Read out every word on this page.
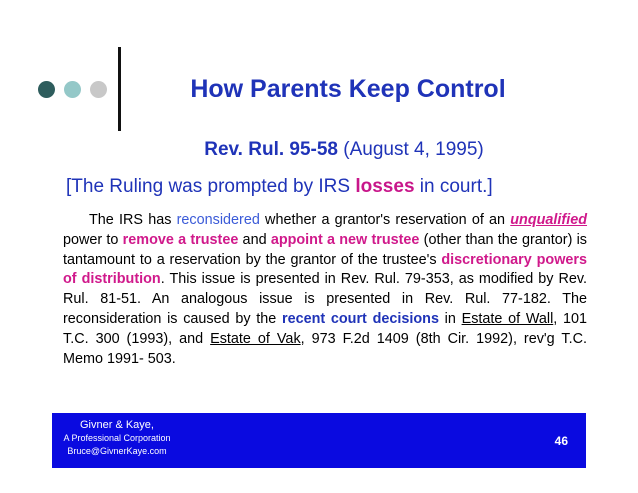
How Parents Keep Control
Rev. Rul. 95-58 (August 4, 1995)
[The Ruling was prompted by IRS losses in court.]

The IRS has reconsidered whether a grantor's reservation of an unqualified power to remove a trustee and appoint a new trustee (other than the grantor) is tantamount to a reservation by the grantor of the trustee's discretionary powers of distribution. This issue is presented in Rev. Rul. 79-353, as modified by Rev. Rul. 81-51. An analogous issue is presented in Rev. Rul. 77-182. The reconsideration is caused by the recent court decisions in Estate of Wall, 101 T.C. 300 (1993), and Estate of Vak, 973 F.2d 1409 (8th Cir. 1992), rev'g T.C. Memo 1991- 503.

Givner & Kaye,
A Professional Corporation
Bruce@GivnerKaye.com
46
